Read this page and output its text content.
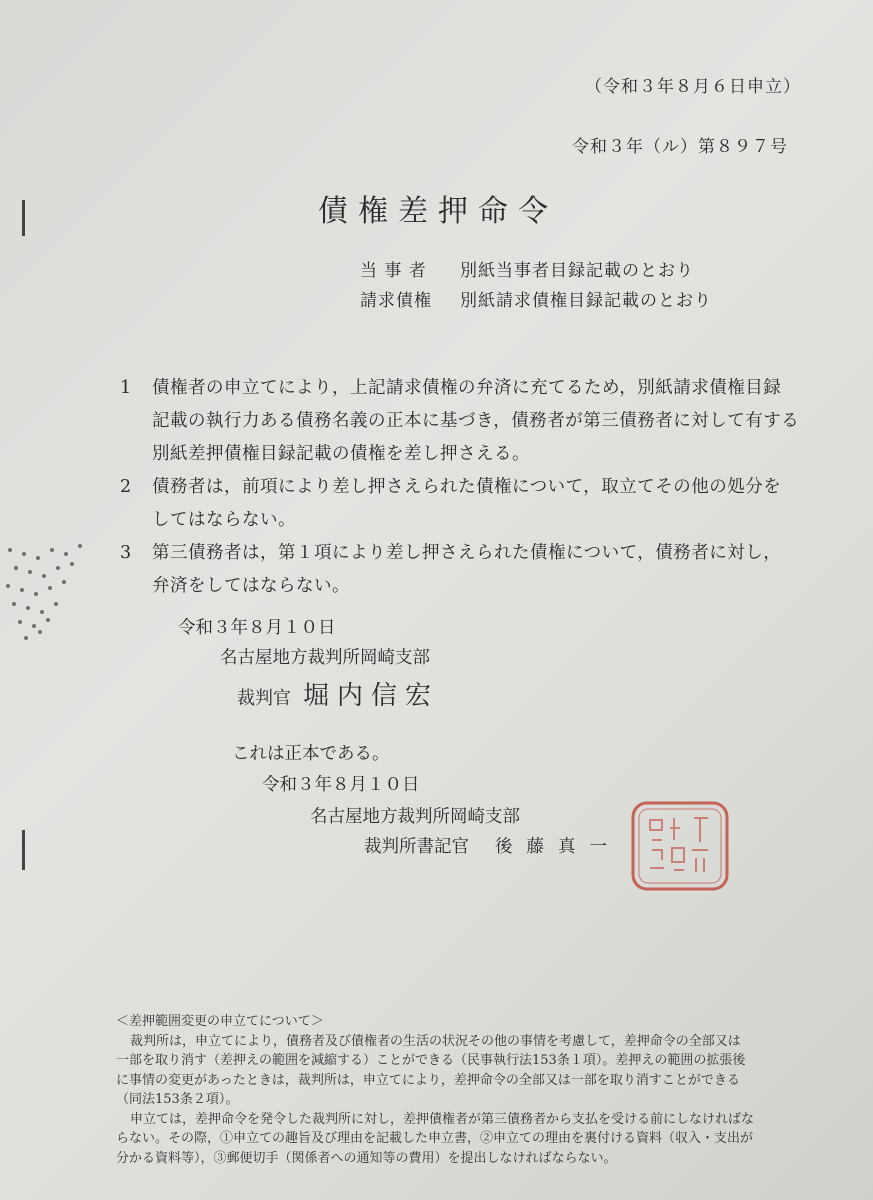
（令和３年８月６日申立）
令和３年（ル）第８９７号
債権差押命令
当 事 者 別紙当事者目録記載のとおり
請求債権 別紙請求債権目録記載のとおり
1	債権者の申立てにより，上記請求債権の弁済に充てるため，別紙請求債権目録
記載の執行力ある債務名義の正本に基づき，債務者が第三債務者に対して有する
別紙差押債権目録記載の債権を差し押さえる。
2	債務者は，前項により差し押さえられた債権について，取立てその他の処分を
してはならない。
3	第三債務者は，第１項により差し押さえられた債権について，債務者に対し，
弁済をしてはならない。
令和３年８月１０日
名古屋地方裁判所岡崎支部
裁判官 堀内信宏
これは正本である。
令和３年８月１０日
名古屋地方裁判所岡崎支部
裁判所書記官 後藤真一
＜差押範囲変更の申立てについて＞
裁判所は，申立てにより，債務者及び債権者の生活の状況その他の事情を考慮して，差押命令の全部又は
一部を取り消す（差押えの範囲を減縮する）ことができる（民事執行法153条１項）。差押えの範囲の拡張後
に事情の変更があったときは，裁判所は，申立てにより，差押命令の全部又は一部を取り消すことができる
（同法153条２項）。
申立ては，差押命令を発令した裁判所に対し，差押債権者が第三債務者から支払を受ける前にしなければな
らない。その際，①申立ての趣旨及び理由を記載した申立書，②申立ての理由を裏付ける資料（収入・支出が
分かる資料等），③郵便切手（関係者への通知等の費用）を提出しなければならない。
